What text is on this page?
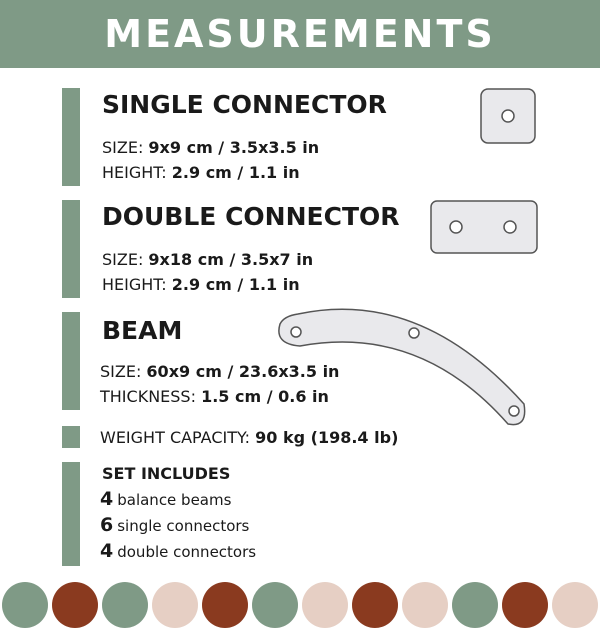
MEASUREMENTS
SINGLE CONNECTOR
SIZE: 9x9 cm / 3.5x3.5 in
HEIGHT: 2.9 cm / 1.1 in
DOUBLE CONNECTOR
SIZE: 9x18 cm / 3.5x7 in
HEIGHT: 2.9 cm / 1.1 in
BEAM
SIZE: 60x9 cm / 23.6x3.5 in
THICKNESS: 1.5 cm / 0.6 in
WEIGHT CAPACITY: 90 kg (198.4 lb)
SET INCLUDES
4 balance beams
6 single connectors
4 double connectors
